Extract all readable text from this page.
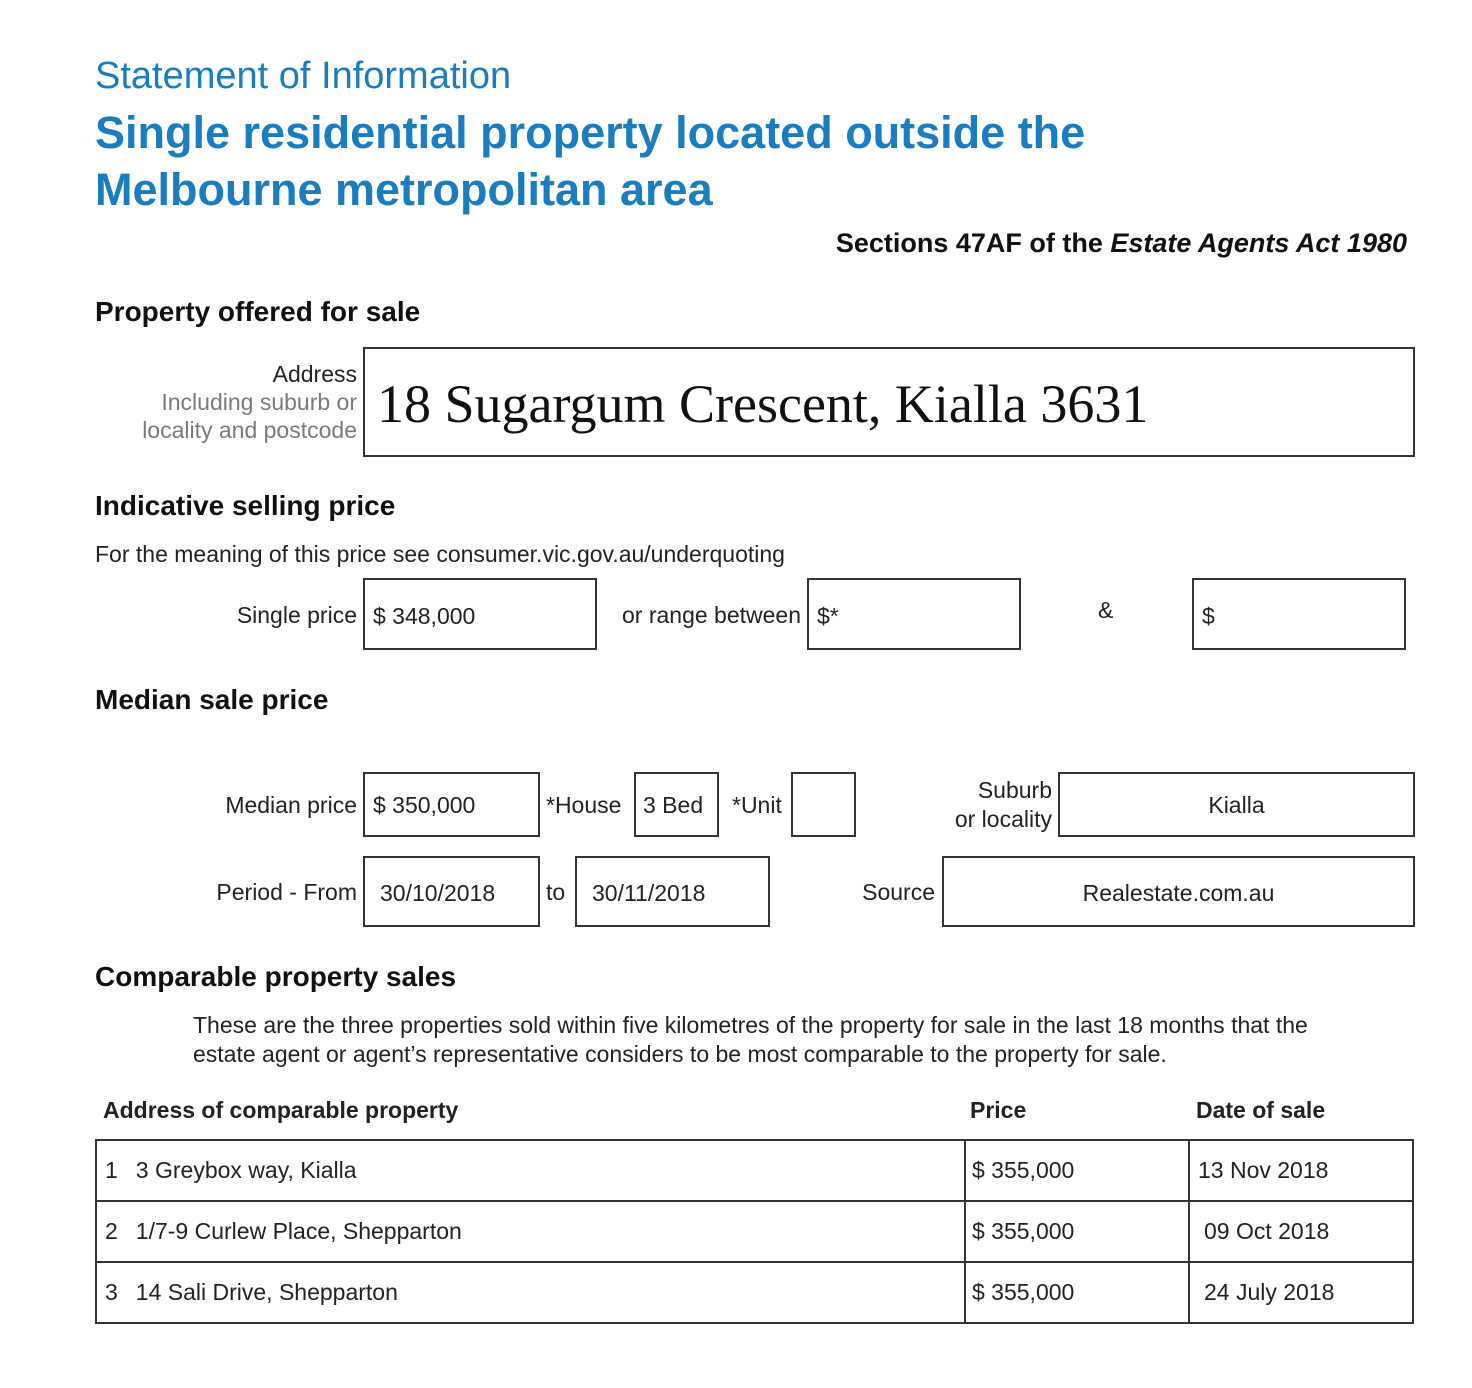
Statement of Information
Single residential property located outside the
Melbourne metropolitan area
Sections 47AF of the Estate Agents Act 1980
Property offered for sale
Address
Including suburb or
locality and postcode 18 Sugargum Crescent, Kialla 3631
Indicative selling price
For the meaning of this price see consumer.vic.gov.au/underquoting
Single price $ 348,000	or range between $*	&	$
Median sale price
Median price $ 350,000	*House 3 Bed *Unit
Suburb
or locality
Kialla
Period - From 30/10/2018 to 30/11/2018	Source	Realestate.com.au
Comparable property sales
These are the three properties sold within five kilometres of the property for sale in the last 18 months that the
estate agent or agent’s representative considers to be most comparable to the property for sale.
Address of comparable property	Price	Date of sale
1 3 Greybox way, Kialla	$ 355,000	13 Nov 2018
2 1/7-9 Curlew Place, Shepparton	$ 355,000	09 Oct 2018
3 14 Sali Drive, Shepparton	$ 355,000	24 July 2018
